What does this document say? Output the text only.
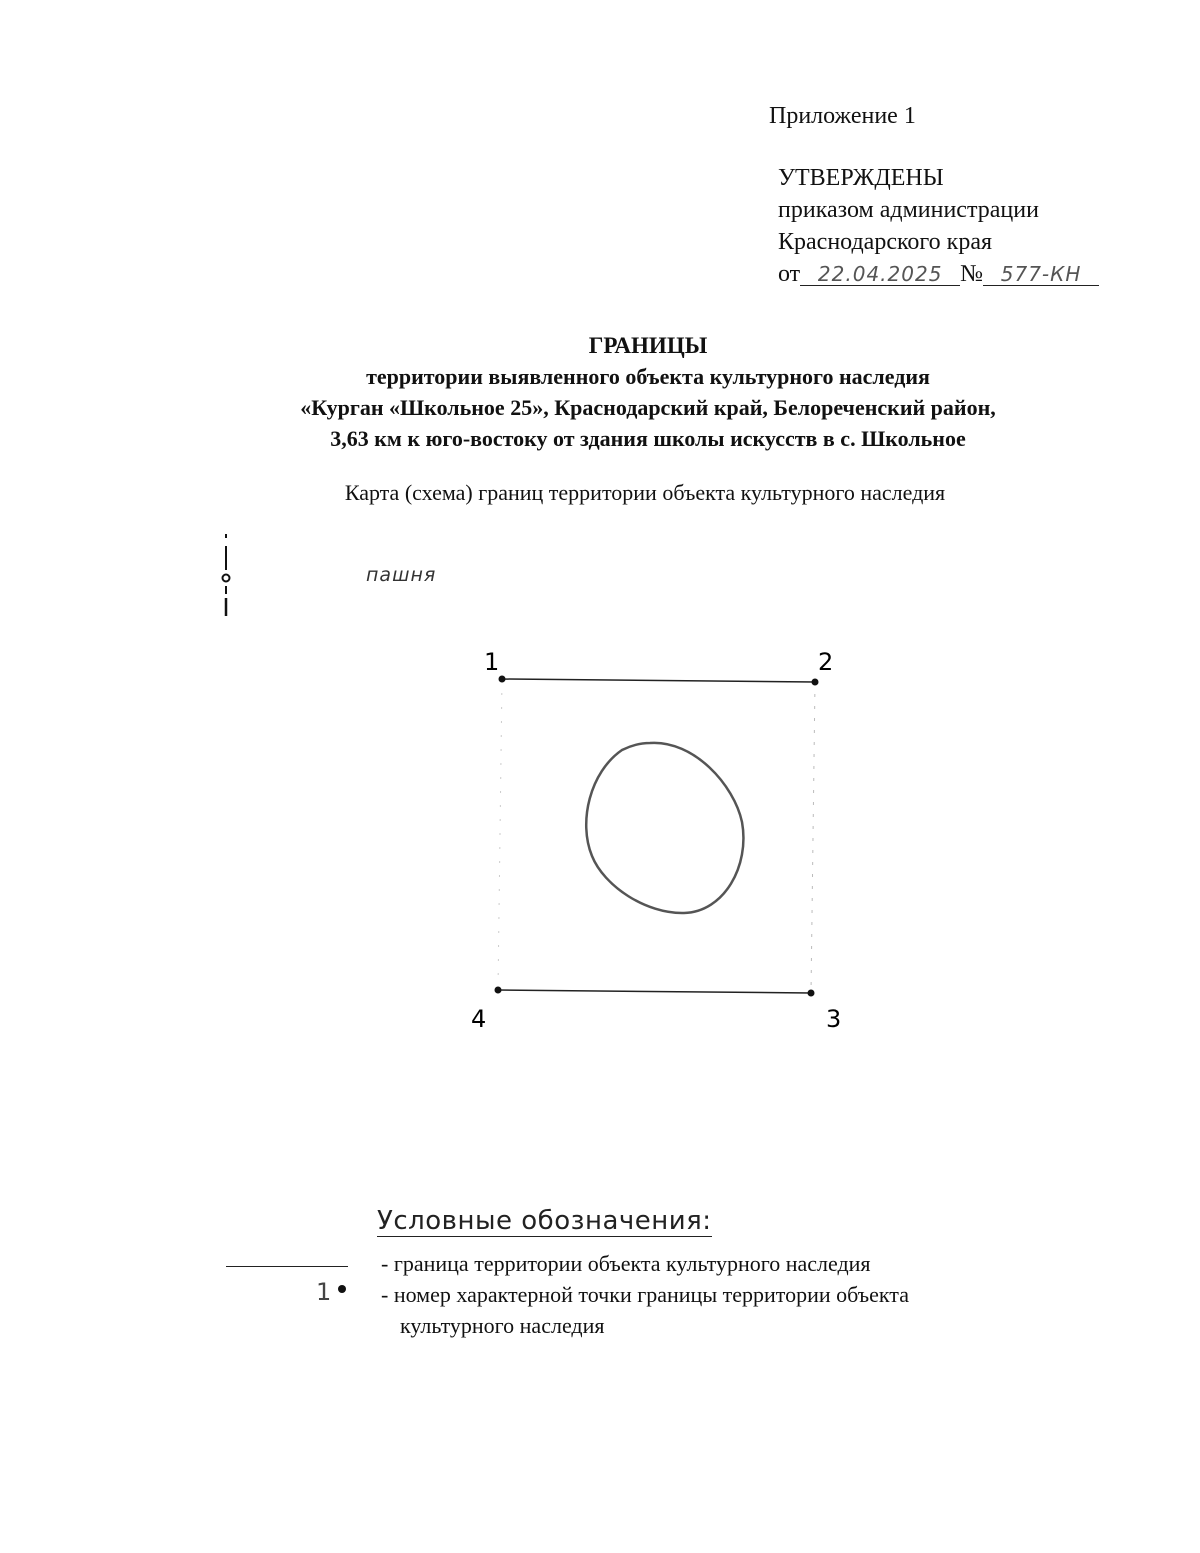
Приложение 1
УТВЕРЖДЕНЫ
приказом администрации
Краснодарского края
от 22.04.2025 № 577-КН
ГРАНИЦЫ
территории выявленного объекта культурного наследия
«Курган «Школьное 25», Краснодарский край, Белореченский район,
3,63 км к юго-востоку от здания школы искусств в с. Школьное
Карта (схема) границ территории объекта культурного наследия
1	2
3
4
пашня
Условные обозначения:
- граница территории объекта культурного наследия
1 - номер характерной точки границы территории объекта
культурного наследия
